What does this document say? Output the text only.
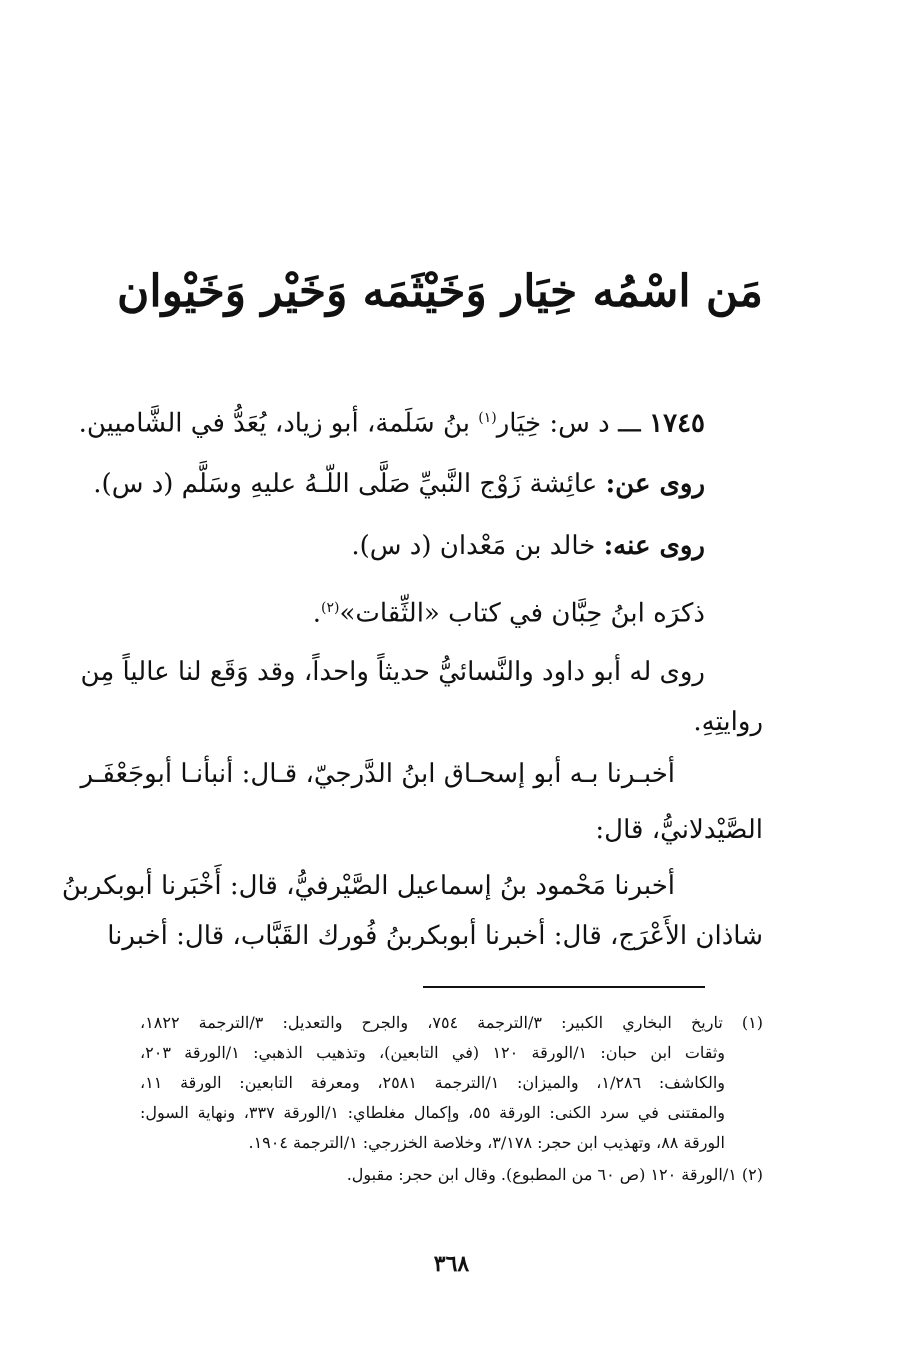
مَن اسْمُه خِيَار وَخَيْثَمَه وَخَيْر وَخَيْوان
١٧٤٥ ـــ د س: خِيَار$^{(١)}$ بنُ سَلَمة، أبو زياد، يُعَدُّ في الشَّاميين.
روى عن: عائِشة زَوْج النَّبيِّ صَلَّى اللّـهُ عليهِ وسَلَّم (د س).
روى عنه: خالد بن مَعْدان (د س).
ذكرَه ابنُ حِبَّان في كتاب «الثِّقات»$^{(٢)}$.
روى له أبو داود والنَّسائيُّ حديثاً واحداً، وقد وَقَع لنا عالياً مِن
روايتِهِ.
أخبـرنا بـه أبو إسحـاق ابنُ الدَّرجيّ، قـال: أنبأنـا أبوجَعْفَـر
الصَّيْدلانيُّ، قال:
أخبرنا مَحْمود بنُ إسماعيل الصَّيْرفيُّ، قال: أَخْبَرنا أبوبكربنُ
شاذان الأَعْرَج، قال: أخبرنا أبوبكربنُ فُورك القَبَّاب، قال: أخبرنا
(١) تاريخ البخاري الكبير: ٣/الترجمة ٧٥٤، والجرح والتعديل: ٣/الترجمة ١٨٢٢،
وثقات ابن حبان: ١/الورقة ١٢٠ (في التابعين)، وتذهيب الذهبي: ١/الورقة ٢٠٣،
والكاشف: ١/٢٨٦، والميزان: ١/الترجمة ٢٥٨١، ومعرفة التابعين: الورقة ١١،
والمقتنى في سرد الكنى: الورقة ٥٥، وإكمال مغلطاي: ١/الورقة ٣٣٧، ونهاية السول:
الورقة ٨٨، وتهذيب ابن حجر: ٣/١٧٨، وخلاصة الخزرجي: ١/الترجمة ١٩٠٤.
(٢) ١/الورقة ١٢٠ (ص ٦٠ من المطبوع). وقال ابن حجر: مقبول.
٣٦٨
